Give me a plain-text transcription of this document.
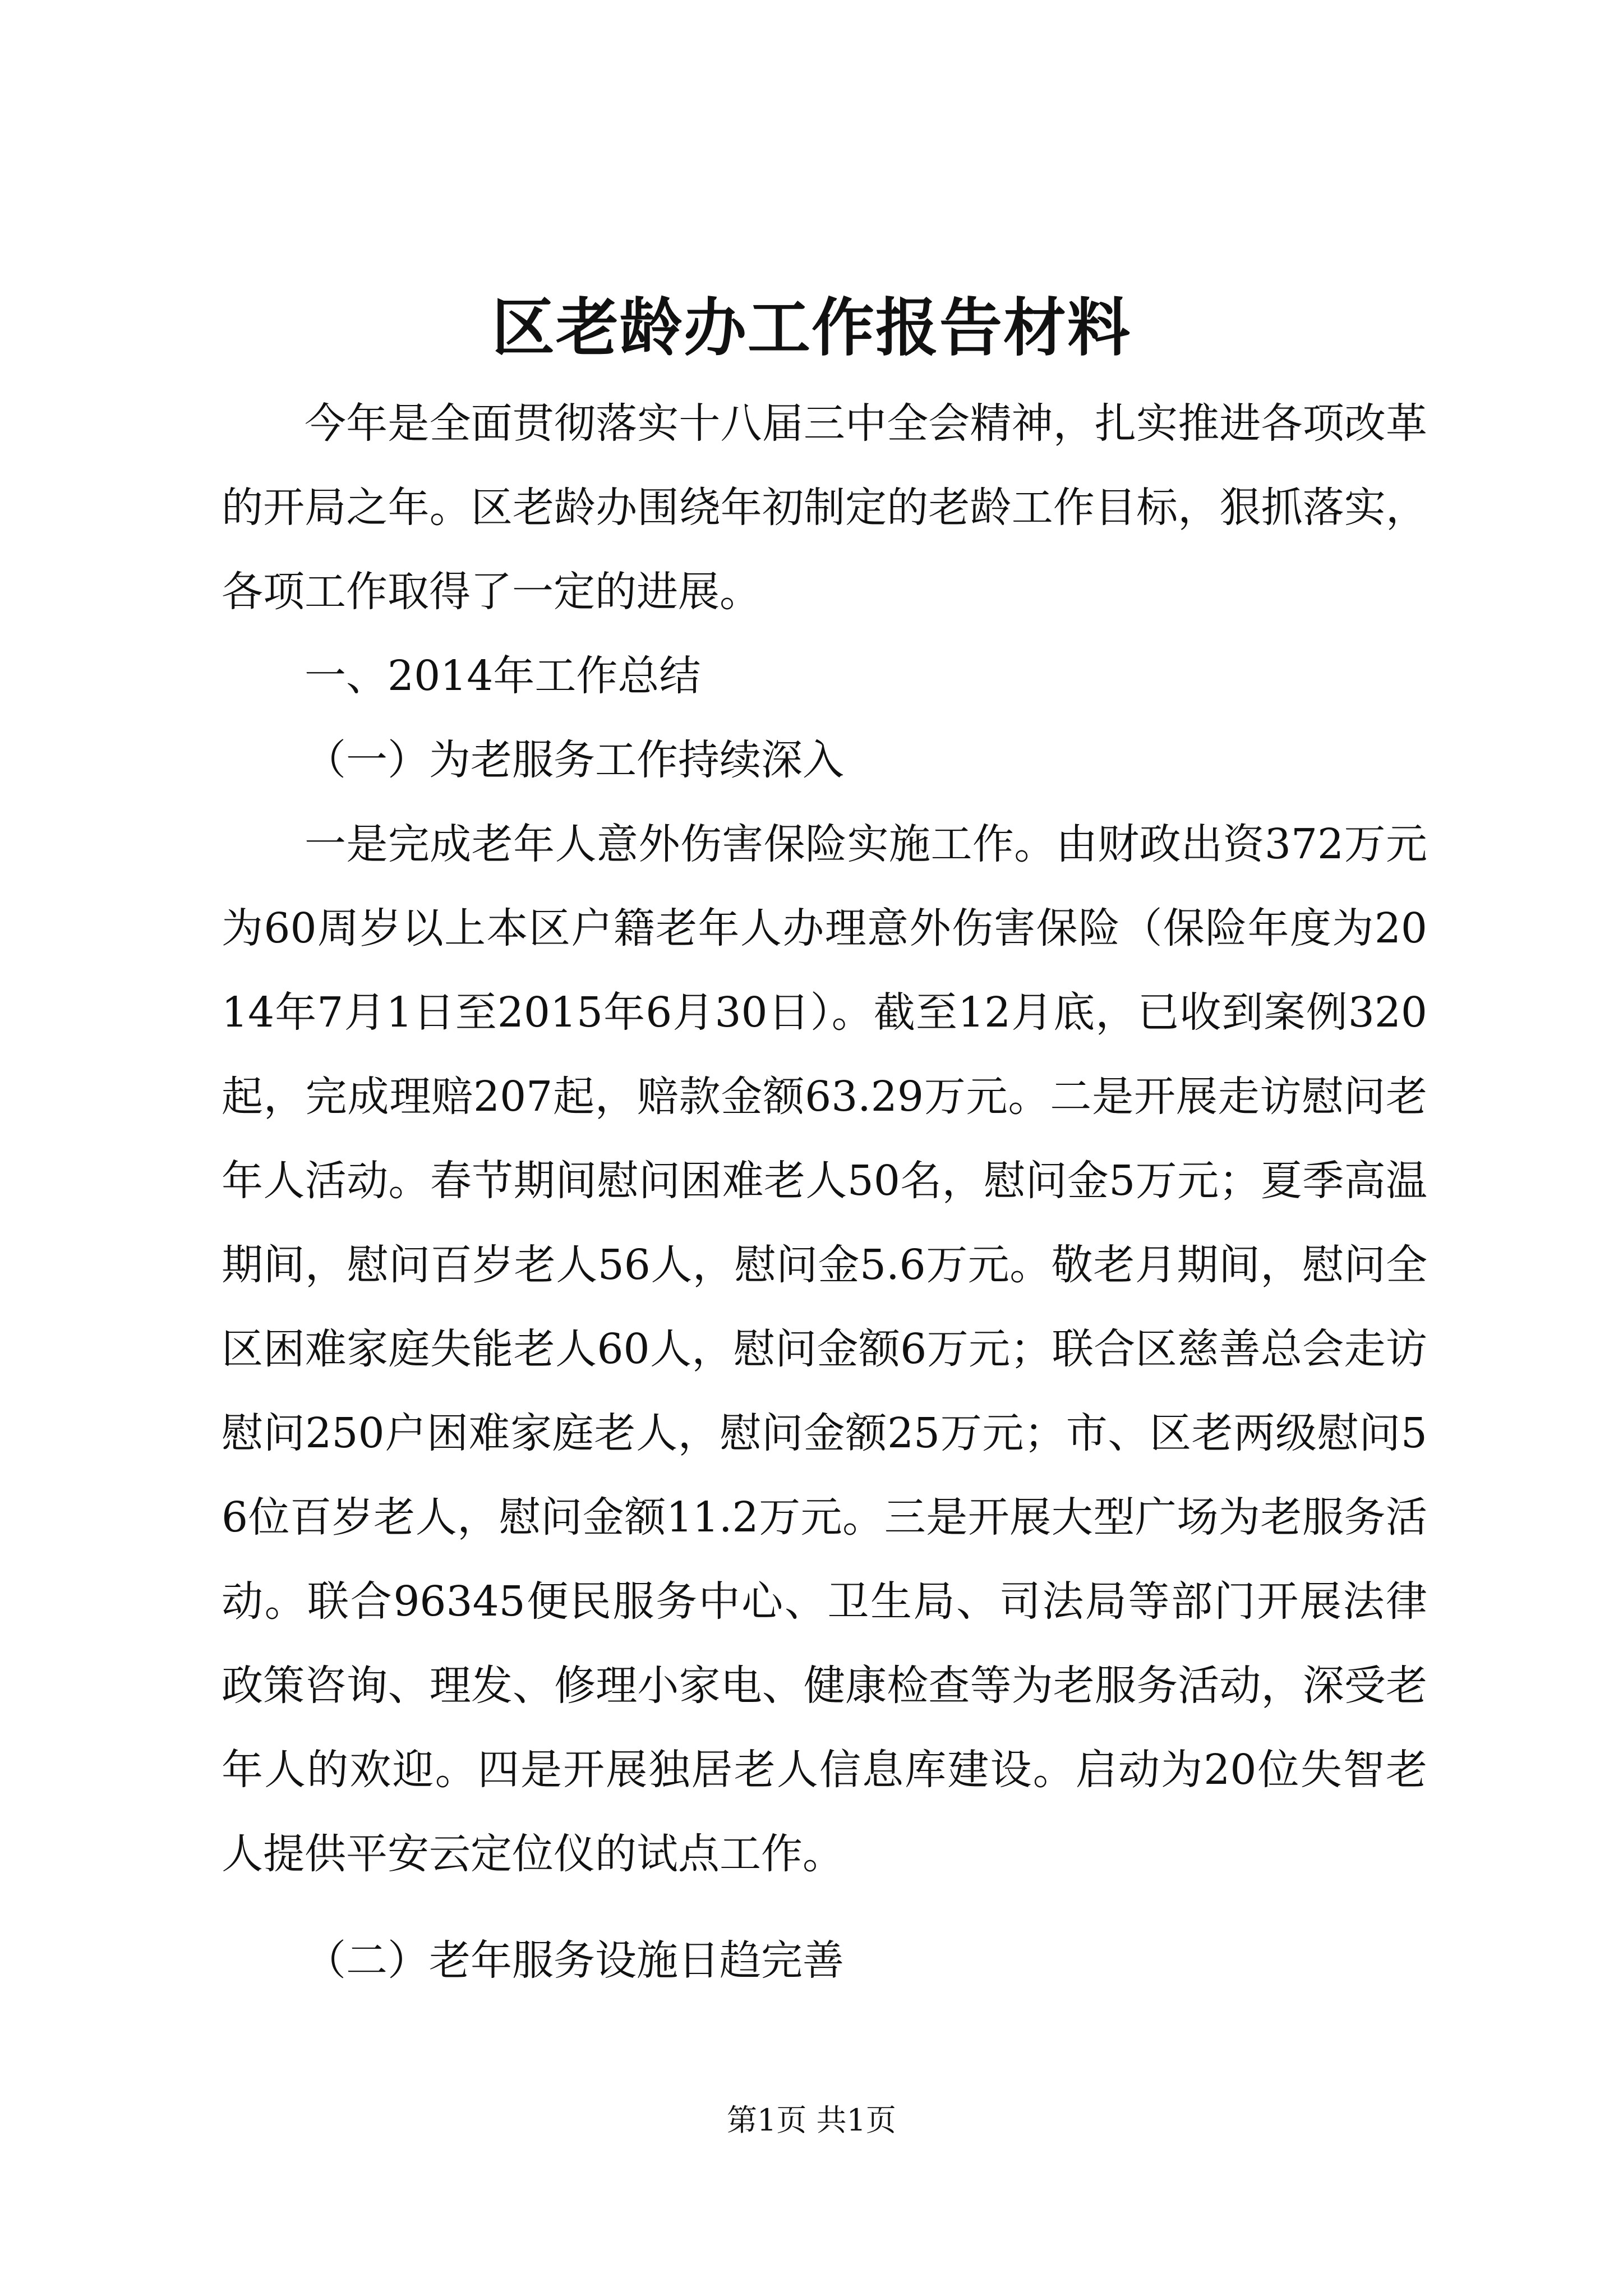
区老龄办工作报告材料

今年是全面贯彻落实十八届三中全会精神，扎实推进各项改革的开局之年。区老龄办围绕年初制定的老龄工作目标，狠抓落实，各项工作取得了一定的进展。

一、2014年工作总结

（一）为老服务工作持续深入

一是完成老年人意外伤害保险实施工作。由财政出资372万元为60周岁以上本区户籍老年人办理意外伤害保险（保险年度为2014年7月1日至2015年6月30日）。截至12月底，已收到案例320起，完成理赔207起，赔款金额63.29万元。二是开展走访慰问老年人活动。春节期间慰问困难老人50名，慰问金5万元；夏季高温期间，慰问百岁老人56人，慰问金5.6万元。敬老月期间，慰问全区困难家庭失能老人60人，慰问金额6万元；联合区慈善总会走访慰问250户困难家庭老人，慰问金额25万元；市、区老两级慰问56位百岁老人，慰问金额11.2万元。三是开展大型广场为老服务活动。联合96345便民服务中心、卫生局、司法局等部门开展法律政策咨询、理发、修理小家电、健康检查等为老服务活动，深受老年人的欢迎。四是开展独居老人信息库建设。启动为20位失智老人提供平安云定位仪的试点工作。

（二）老年服务设施日趋完善

第1页 共1页
